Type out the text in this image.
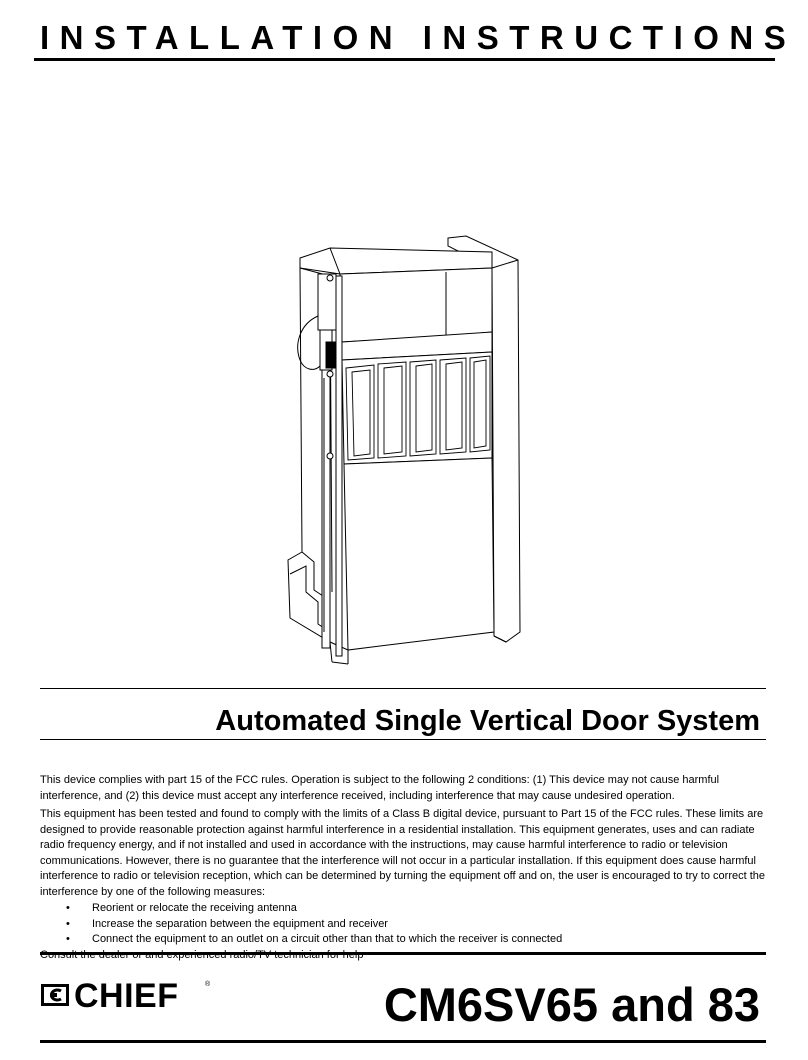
INSTALLATION INSTRUCTIONS
Automated Single Vertical Door System

This device complies with part 15 of the FCC rules. Operation is subject to the following 2 conditions: (1) This device may not cause harmful interference, and (2) this device must accept any interference received, including interference that may cause undesired operation.

This equipment has been tested and found to comply with the limits of a Class B digital device, pursuant to Part 15 of the FCC rules. These limits are designed to provide reasonable protection against harmful interference in a residential installation. This equipment generates, uses and can radiate radio frequency energy, and if not installed and used in accordance with the instructions, may cause harmful interference to radio or television communications. However, there is no guarantee that the interference will not occur in a particular installation. If this equipment does cause harmful interference to radio or television reception, which can be determined by turning the equipment off and on, the user is encouraged to try to correct the interference by one of the following measures:

• Reorient or relocate the receiving antenna
• Increase the separation between the equipment and receiver
• Connect the equipment to an outlet on a circuit other than that to which the receiver is connected

CHIEF	®	CM6SV65 and 83
